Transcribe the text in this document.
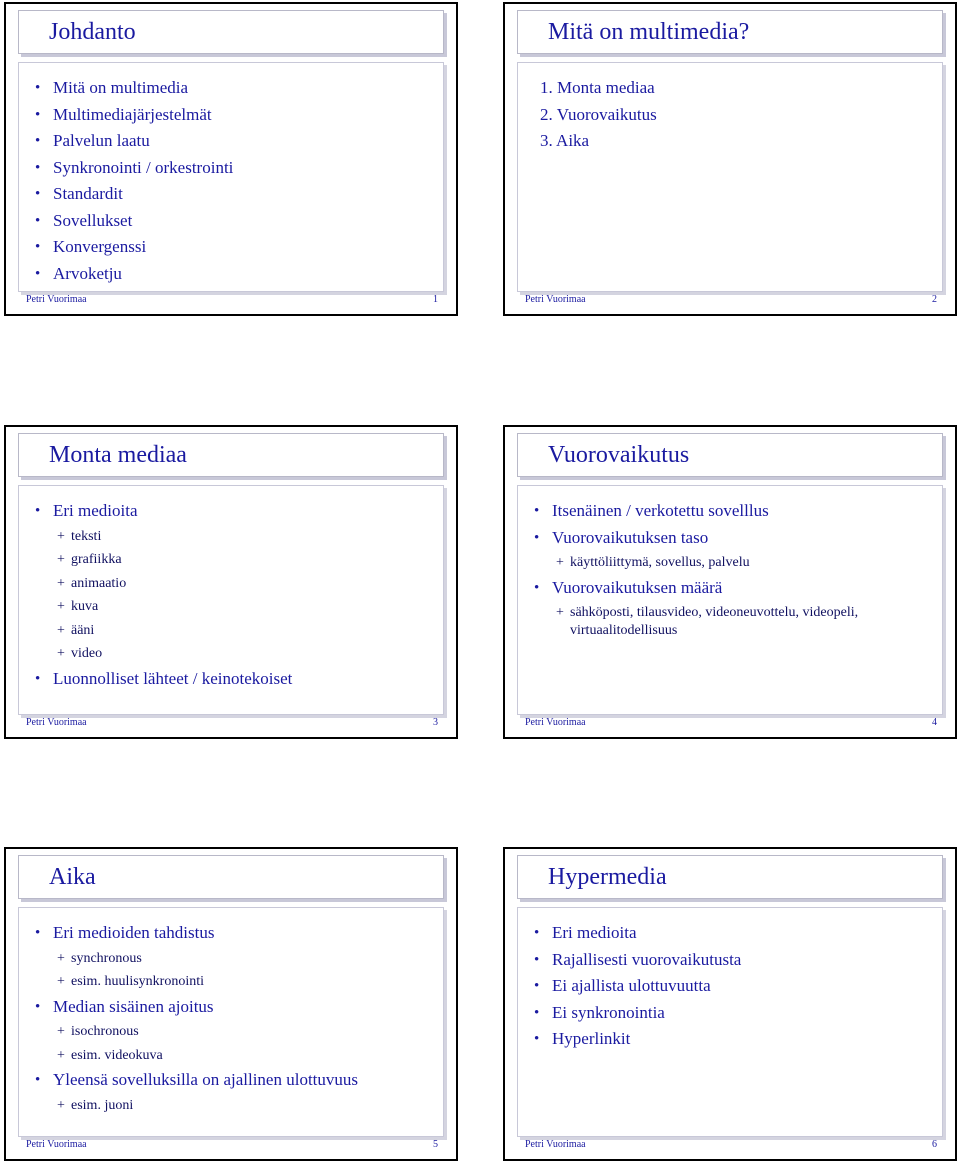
Johdanto
• Mitä on multimedia
• Multimediajärjestelmät
• Palvelun laatu
• Synkronointi / orkestrointi
• Standardit
• Sovellukset
• Konvergenssi
• Arvoketju
Petri Vuorimaa	1
Mitä on multimedia?
1. Monta mediaa
2. Vuorovaikutus
3. Aika
Petri Vuorimaa	2
Monta mediaa
• Eri medioita
+ teksti
+ grafiikka
+ animaatio
+ kuva
+ ääni
+ video
• Luonnolliset lähteet / keinotekoiset
Petri Vuorimaa	3
Vuorovaikutus
• Itsenäinen / verkotettu sovelllus
• Vuorovaikutuksen taso
+ käyttöliittymä, sovellus, palvelu
• Vuorovaikutuksen määrä
+ sähköposti, tilausvideo, videoneuvottelu, videopeli, virtuaalitodellisuus
Petri Vuorimaa	4
Aika
• Eri medioiden tahdistus
+ synchronous
+ esim. huulisynkronointi
• Median sisäinen ajoitus
+ isochronous
+ esim. videokuva
• Yleensä sovelluksilla on ajallinen ulottuvuus
+ esim. juoni
Petri Vuorimaa	5
Hypermedia
• Eri medioita
• Rajallisesti vuorovaikutusta
• Ei ajallista ulottuvuutta
• Ei synkronointia
• Hyperlinkit
Petri Vuorimaa	6
